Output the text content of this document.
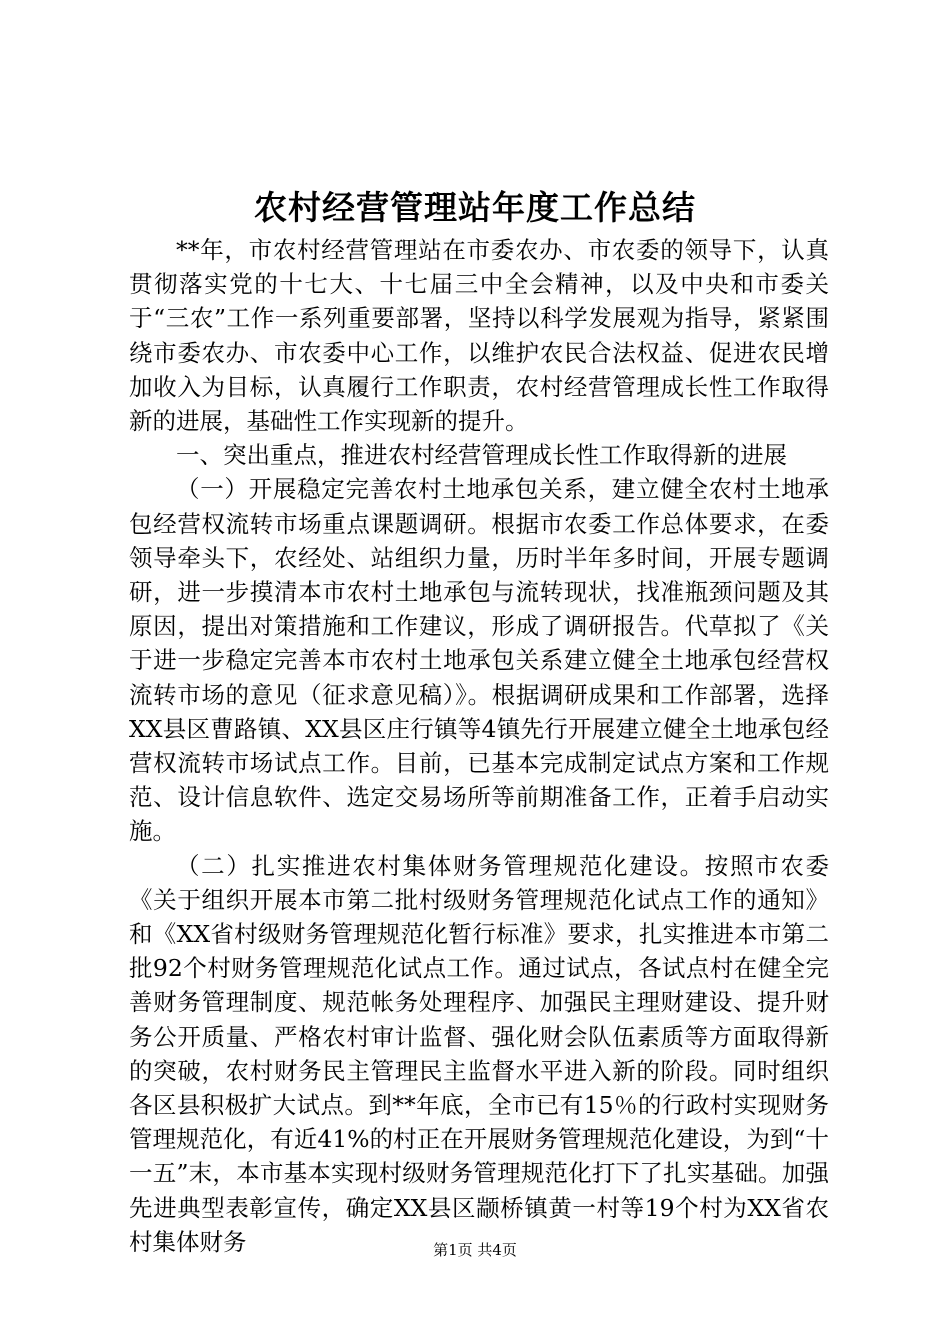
农村经营管理站年度工作总结

**年，市农村经营管理站在市委农办、市农委的领导下，认真贯彻落实党的十七大、十七届三中全会精神，以及中央和市委关于“三农”工作一系列重要部署，坚持以科学发展观为指导，紧紧围绕市委农办、市农委中心工作，以维护农民合法权益、促进农民增加收入为目标，认真履行工作职责，农村经营管理成长性工作取得新的进展，基础性工作实现新的提升。

一、突出重点，推进农村经营管理成长性工作取得新的进展

（一）开展稳定完善农村土地承包关系，建立健全农村土地承包经营权流转市场重点课题调研。根据市农委工作总体要求，在委领导牵头下，农经处、站组织力量，历时半年多时间，开展专题调研，进一步摸清本市农村土地承包与流转现状，找准瓶颈问题及其原因，提出对策措施和工作建议，形成了调研报告。代草拟了《关于进一步稳定完善本市农村土地承包关系建立健全土地承包经营权流转市场的意见（征求意见稿）》。根据调研成果和工作部署，选择XX县区曹路镇、XX县区庄行镇等4镇先行开展建立健全土地承包经营权流转市场试点工作。目前，已基本完成制定试点方案和工作规范、设计信息软件、选定交易场所等前期准备工作，正着手启动实施。

（二）扎实推进农村集体财务管理规范化建设。按照市农委《关于组织开展本市第二批村级财务管理规范化试点工作的通知》和《XX省村级财务管理规范化暂行标准》要求，扎实推进本市第二批92个村财务管理规范化试点工作。通过试点，各试点村在健全完善财务管理制度、规范帐务处理程序、加强民主理财建设、提升财务公开质量、严格农村审计监督、强化财会队伍素质等方面取得新的突破，农村财务民主管理民主监督水平进入新的阶段。同时组织各区县积极扩大试点。到**年底，全市已有15％的行政村实现财务管理规范化，有近41%的村正在开展财务管理规范化建设，为到“十一五”末，本市基本实现村级财务管理规范化打下了扎实基础。加强先进典型表彰宣传，确定XX县区颛桥镇黄一村等19个村为XX省农村集体财务	第1页 共4页
